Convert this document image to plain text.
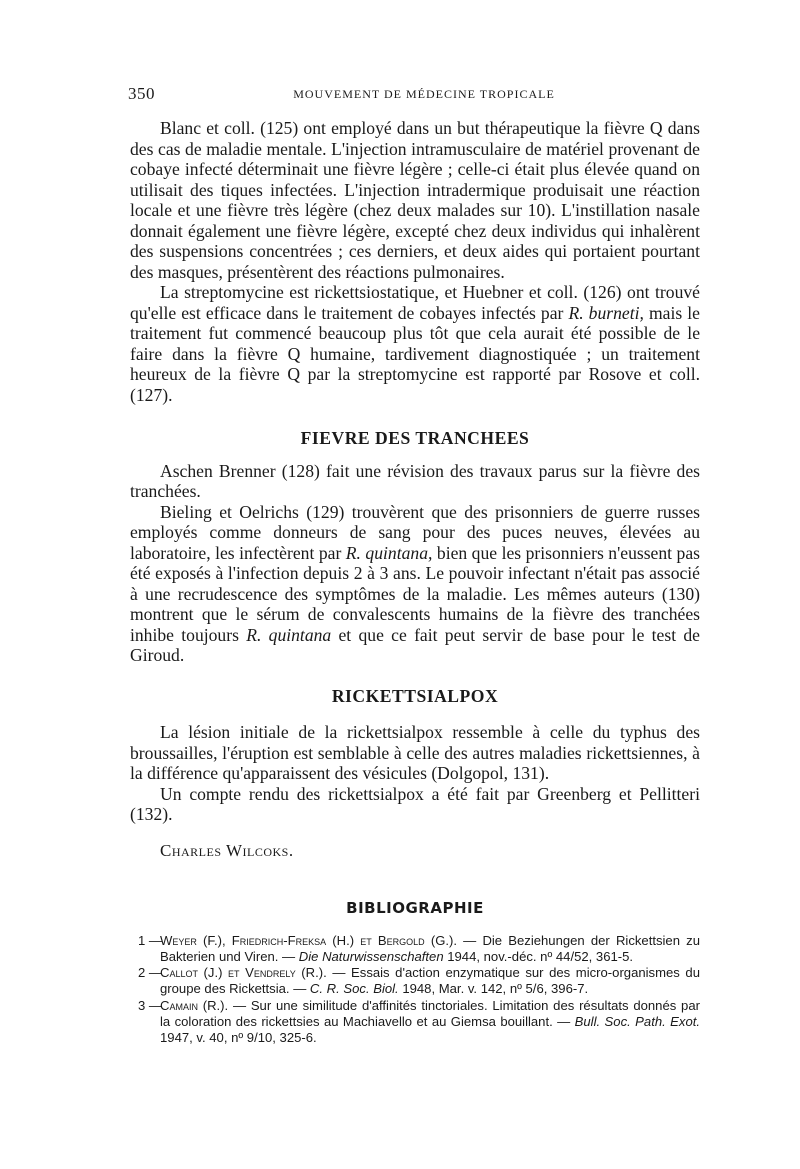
350	MOUVEMENT DE MÉDECINE TROPICALE

Blanc et coll. (125) ont employé dans un but thérapeutique la fièvre Q dans des cas de maladie mentale. L'injection intramusculaire de matériel provenant de cobaye infecté déterminait une fièvre légère ; celle-ci était plus élevée quand on utilisait des tiques infectées. L'injection intradermique produisait une réaction locale et une fièvre très légère (chez deux malades sur 10). L'instillation nasale donnait également une fièvre légère, excepté chez deux individus qui inhalèrent des suspensions concentrées ; ces derniers, et deux aides qui portaient pourtant des masques, présentèrent des réactions pulmonaires.

La streptomycine est rickettsiostatique, et Huebner et coll. (126) ont trouvé qu'elle est efficace dans le traitement de cobayes infectés par R. burneti, mais le traitement fut commencé beaucoup plus tôt que cela aurait été possible de le faire dans la fièvre Q humaine, tardivement diagnostiquée ; un traitement heureux de la fièvre Q par la streptomycine est rapporté par Rosove et coll. (127).

FIEVRE DES TRANCHEES

Aschen Brenner (128) fait une révision des travaux parus sur la fièvre des tranchées.

Bieling et Oelrichs (129) trouvèrent que des prisonniers de guerre russes employés comme donneurs de sang pour des puces neuves, élevées au laboratoire, les infectèrent par R. quintana, bien que les prisonniers n'eussent pas été exposés à l'infection depuis 2 à 3 ans. Le pouvoir infectant n'était pas associé à une recrudescence des symptômes de la maladie. Les mêmes auteurs (130) montrent que le sérum de convalescents humains de la fièvre des tranchées inhibe toujours R. quintana et que ce fait peut servir de base pour le test de Giroud.

RICKETTSIALPOX

La lésion initiale de la rickettsialpox ressemble à celle du typhus des broussailles, l'éruption est semblable à celle des autres maladies rickettsiennes, à la différence qu'apparaissent des vésicules (Dolgopol, 131).

Un compte rendu des rickettsialpox a été fait par Greenberg et Pellitteri (132).

Charles Wilcoks.

BIBLIOGRAPHIE
1 —
Weyer (F.), Friedrich-Freksa (H.) et Bergold (G.). — Die Beziehungen der Rickettsien zu Bakterien und Viren. — Die Naturwissenschaften 1944, nov.-déc. nº 44/52, 361-5.
2 —
Callot (J.) et Vendrely (R.). — Essais d'action enzymatique sur des micro-organismes du groupe des Rickettsia. — C. R. Soc. Biol. 1948, Mar. v. 142, nº 5/6, 396-7.
3 —
Camain (R.). — Sur une similitude d'affinités tinctoriales. Limitation des résultats donnés par la coloration des rickettsies au Machiavello et au Giemsa bouillant. — Bull. Soc. Path. Exot. 1947, v. 40, nº 9/10, 325-6.
